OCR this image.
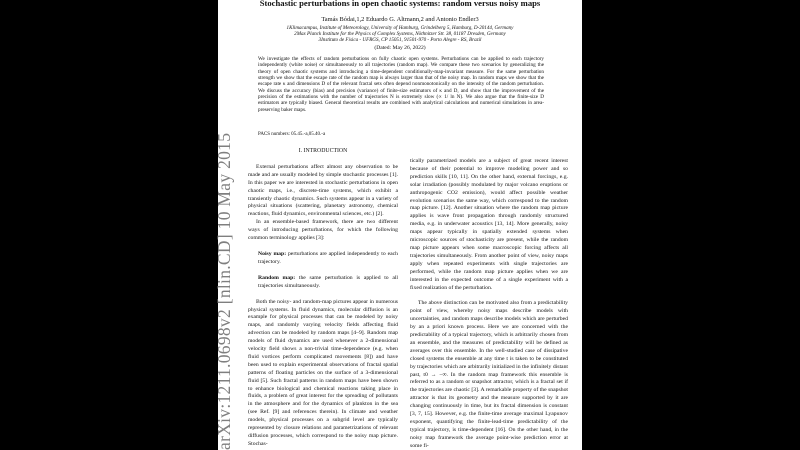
Stochastic perturbations in open chaotic systems: random versus noisy maps
Tamás Bódai,1,2 Eduardo G. Altmann,2 and Antonio Endler3
1Klimacampus, Institute of Meteorology, University of Hamburg, Grindelberg 5, Hamburg, D-20144, Germany
2Max Planck Institute for the Physics of Complex Systems, Nöthnitzer Str. 38, 01187 Dresden, Germany
3Instituto de Física - UFRGS, CP 15051, 91501-970 - Porto Alegre - RS, Brazil
(Dated: May 26, 2022)
We investigate the effects of random perturbations on fully chaotic open systems. Perturbations can be applied to each trajectory independently (white noise) or simultaneously to all trajectories (random map). We compare these two scenarios by generalizing the theory of open chaotic systems and introducing a time-dependent conditionally-map-invariant measure. For the same perturbation strength we show that the escape rate of the random map is always larger than that of the noisy map. In random maps we show that the escape rate κ and dimensions D of the relevant fractal sets often depend nonmonotonically on the intensity of the random perturbation. We discuss the accuracy (bias) and precision (variance) of finite-size estimators of κ and D, and show that the improvement of the precision of the estimations with the number of trajectories N is extremely slow (∝ 1/ ln N). We also argue that the finite-size D estimators are typically biased. General theoretical results are combined with analytical calculations and numerical simulations in area-preserving baker maps.
PACS numbers: 05.45.-a,05.40.-a
I. INTRODUCTION

External perturbations affect almost any observation to be made and are usually modeled by simple stochastic processes [1]. In this paper we are interested in stochastic perturbations in open chaotic maps, i.e., discrete-time systems, which exhibit a transiently chaotic dynamics. Such systems appear in a variety of physical situations (scattering, planetary astronomy, chemical reactions, fluid dynamics, environmental sciences, etc.) [2].

In an ensemble-based framework, there are two different ways of introducing perturbations, for which the following common terminology applies [3]:

Noisy map: perturbations are applied independently to each trajectory.

Random map: the same perturbation is applied to all trajectories simultaneously.

Both the noisy- and random-map pictures appear in numerous physical systems. In fluid dynamics, molecular diffusion is an example for physical processes that can be modeled by noisy maps, and randomly varying velocity fields affecting fluid advection can be modeled by random maps [4–9]. Random map models of fluid dynamics are used whenever a 2-dimensional velocity field shows a non-trivial time-dependence (e.g. when fluid vortices perform complicated movements [8]) and have been used to explain experimental observations of fractal spatial patterns of floating particles on the surface of a 3-dimensional fluid [5]. Such fractal patterns in random maps have been shown to enhance biological and chemical reactions taking place in fluids, a problem of great interest for the spreading of pollutants in the atmosphere and for the dynamics of plankton in the sea (see Ref. [9] and references therein). In climate and weather models, physical processes on a subgrid level are typically represented by closure relations and parametrizations of relevant diffusion processes, which correspond to the noisy map picture. Stochas-

tically parametrized models are a subject of great recent interest because of their potential to improve modeling power and so prediction skills [10, 11]. On the other hand, external forcings, e.g. solar irradiation (possibly modulated by major volcano eruptions or anthropogenic CO2 emission), would affect possible weather evolution scenarios the same way, which correspond to the random map picture. [12]. Another situation where the random map picture applies is wave front propagation through randomly structured media, e.g. in underwater acoustics [13, 14]. More generally, noisy maps appear typically in spatially extended systems when microscopic sources of stochasticity are present, while the random map picture appears when some macroscopic forcing affects all trajectories simultaneously. From another point of view, noisy maps apply when repeated experiments with single trajectories are performed, while the random map picture applies when we are interested in the expected outcome of a single experiment with a fixed realization of the perturbation.

The above distinction can be motivated also from a predictability point of view, whereby noisy maps describe models with uncertainties, and random maps describe models which are perturbed by an a priori known process. Here we are concerned with the predictability of a typical trajectory, which is arbitrarily chosen from an ensemble, and the measures of predictability will be defined as averages over this ensemble. In the well-studied case of dissipative closed systems the ensemble at any time t is taken to be constituted by trajectories which are arbitrarily initialized in the infinitely distant past, t0 → −∞. In the random map framework this ensemble is referred to as a random or snapshot attractor, which is a fractal set if the trajectories are chaotic [3]. A remarkable property of the snapshot attractor is that its geometry and the measure supported by it are changing continuously in time, but its fractal dimension is constant [3, 7, 15]. However, e.g. the finite-time average maximal Lyapunov exponent, quantifying the finite-lead-time predictability of the typical trajectory, is time-dependent [16]. On the other hand, in the noisy map framework the average point-wise prediction error at some fi-

arXiv:1211.0698v2 [nlin.CD] 10 May 2015
